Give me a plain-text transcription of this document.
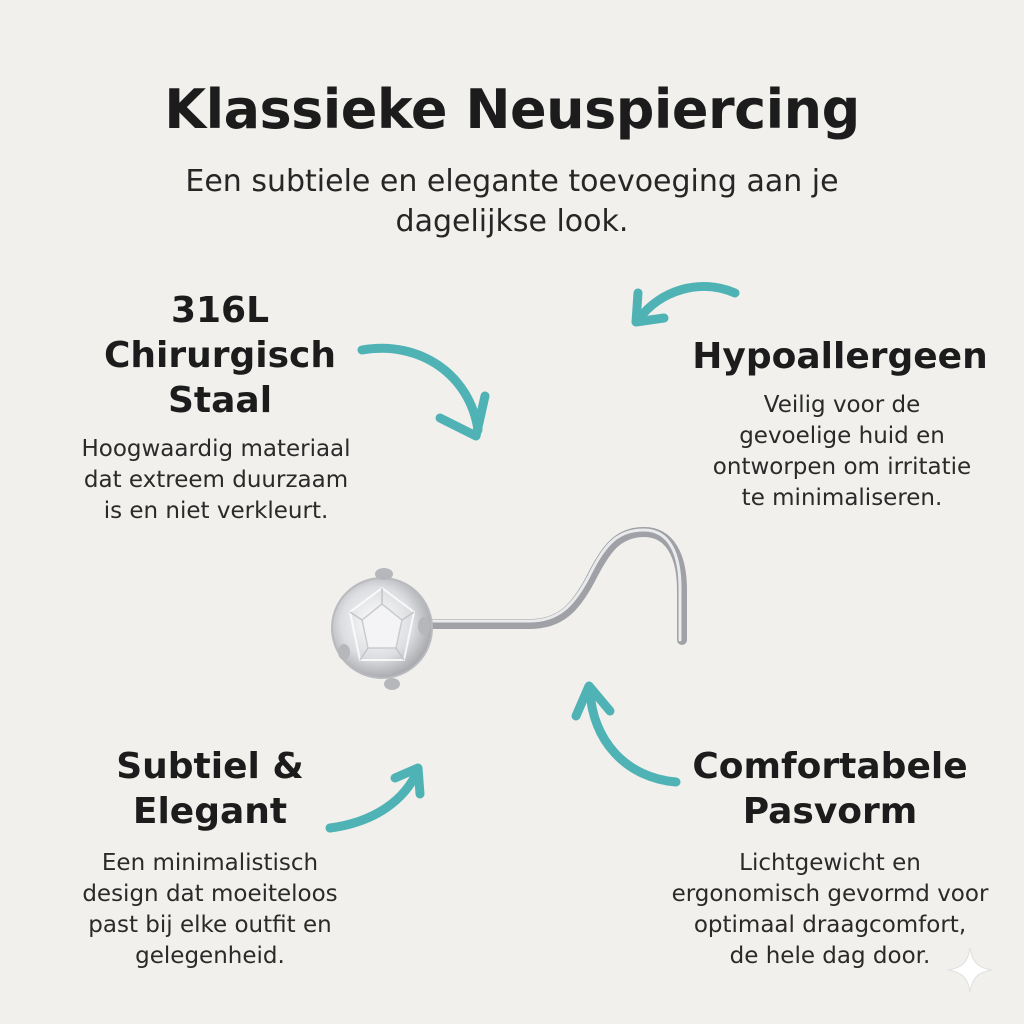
Klassieke Neuspiercing

Een subtiele en elegante toevoeging aan je
dagelijkse look.

316L
Chirurgisch
Staal

Hoogwaardig materiaal
dat extreem duurzaam
is en niet verkleurt.

Hypoallergeen

Veilig voor de
gevoelige huid en
ontworpen om irritatie
te minimaliseren.

Subtiel &
Elegant

Een minimalistisch
design dat moeiteloos
past bij elke outfit en
gelegenheid.

Comfortabele
Pasvorm

Lichtgewicht en
ergonomisch gevormd voor
optimaal draagcomfort,
de hele dag door.
